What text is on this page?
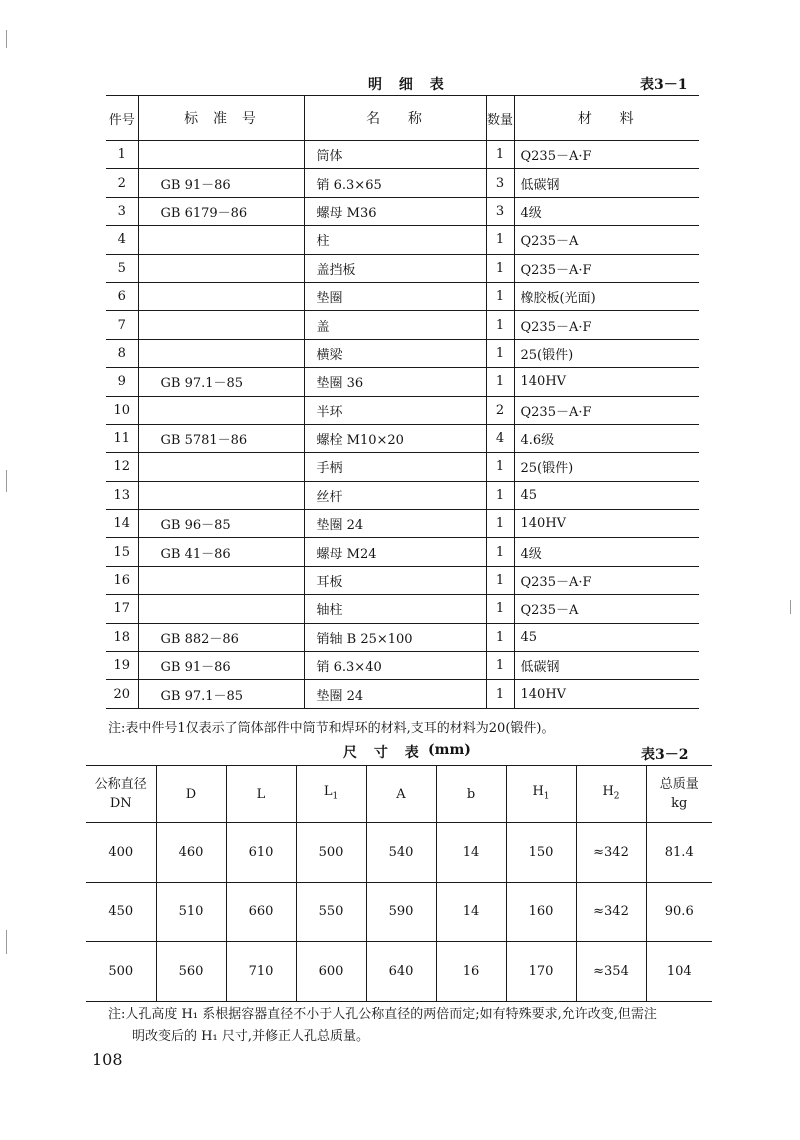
明 细 表	表3－1
件号	标  准  号	名    称	数量	材    料
1		筒体	1	Q235－A·F
2	GB 91－86	销 6.3×65	3	低碳钢
3	GB 6179－86	螺母 M36	3	4级
4		柱	1	Q235－A
5		盖挡板	1	Q235－A·F
6		垫圈	1	橡胶板(光面)
7		盖	1	Q235－A·F
8		横梁	1	25(锻件)
9	GB 97.1－85	垫圈 36	1	140HV
10		半环	2	Q235－A·F
11	GB 5781－86	螺栓 M10×20	4	4.6级
12		手柄	1	25(锻件)
13		丝杆	1	45
14	GB 96－85	垫圈 24	1	140HV
15	GB 41－86	螺母 M24	1	4级
16		耳板	1	Q235－A·F
17		轴柱	1	Q235－A
18	GB 882－86	销轴 B 25×100	1	45
19	GB 91－86	销 6.3×40	1	低碳钢
20	GB 97.1－85	垫圈 24	1	140HV
注:表中件号1仅表示了筒体部件中筒节和焊环的材料,支耳的材料为20(锻件)。
尺 寸 表 (mm)	表3－2
公称直径
DN	D	L	$L_1$	A	b	$H_1$	$H_2$	总质量
kg
400	460	610	500	540	14	150	≈342	81.4
450	510	660	550	590	14	160	≈342	90.6
500	560	710	600	640	16	170	≈354	104
注:人孔高度 H₁ 系根据容器直径不小于人孔公称直径的两倍而定;如有特殊要求,允许改变,但需注
明改变后的 H₁ 尺寸,并修正人孔总质量。
108
